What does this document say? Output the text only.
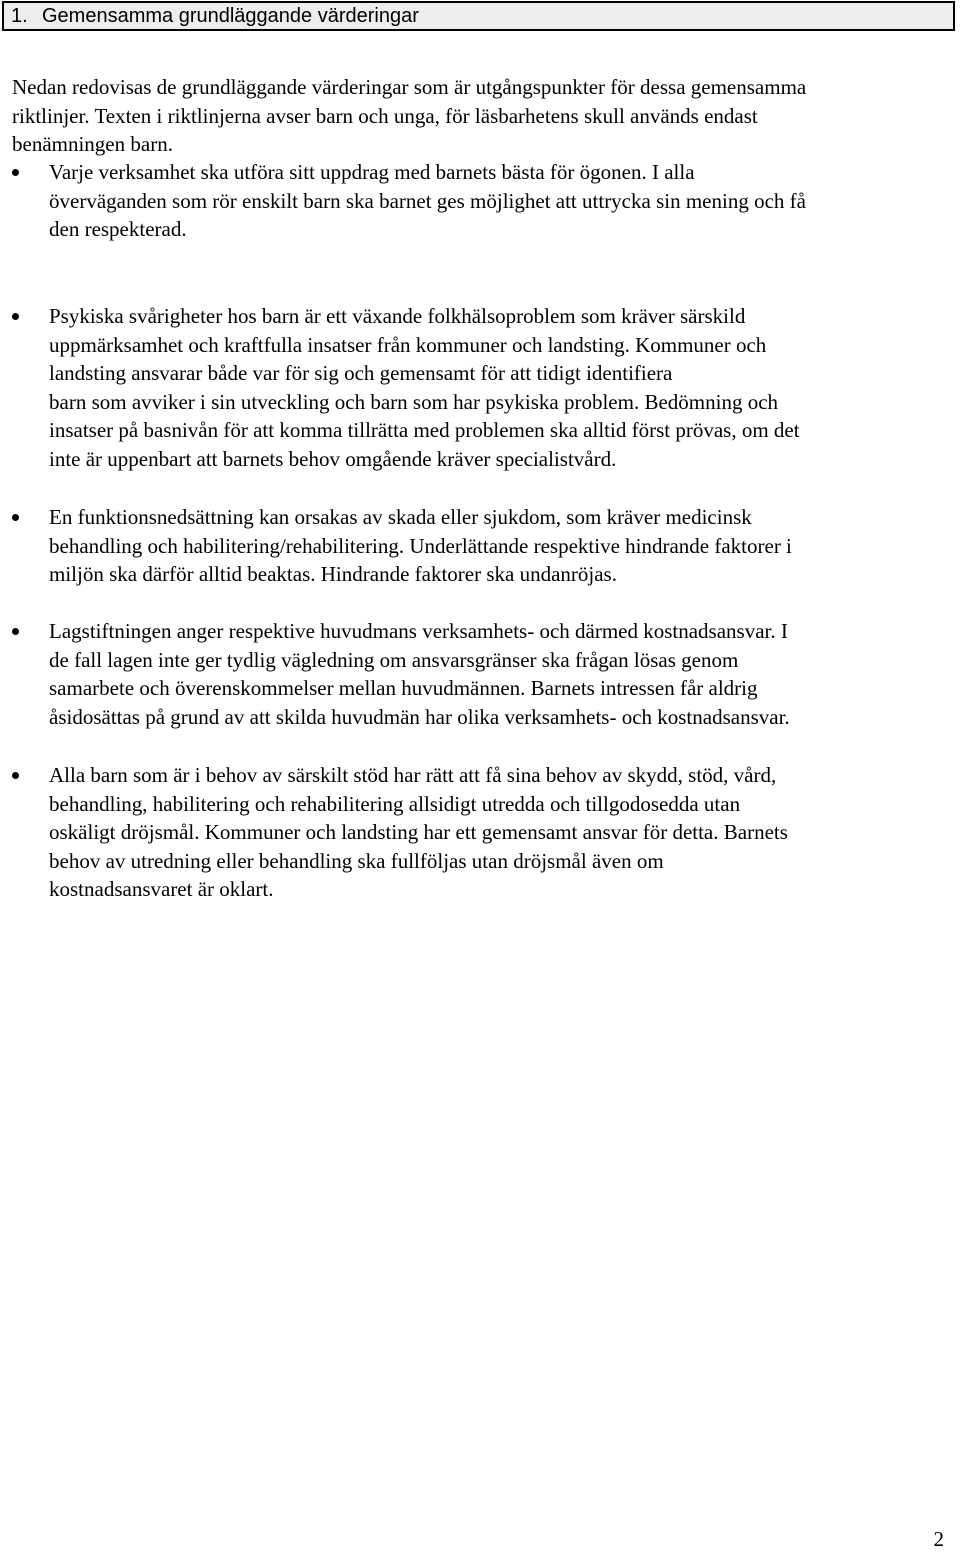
1. Gemensamma grundläggande värderingar

Nedan redovisas de grundläggande värderingar som är utgångspunkter för dessa gemensamma
riktlinjer. Texten i riktlinjerna avser barn och unga, för läsbarhetens skull används endast
benämningen barn.

Varje verksamhet ska utföra sitt uppdrag med barnets bästa för ögonen. I alla
överväganden som rör enskilt barn ska barnet ges möjlighet att uttrycka sin mening och få
den respekterad.

Psykiska svårigheter hos barn är ett växande folkhälsoproblem som kräver särskild
uppmärksamhet och kraftfulla insatser från kommuner och landsting. Kommuner och
landsting ansvarar både var för sig och gemensamt för att tidigt identifiera
barn som avviker i sin utveckling och barn som har psykiska problem. Bedömning och
insatser på basnivån för att komma tillrätta med problemen ska alltid först prövas, om det
inte är uppenbart att barnets behov omgående kräver specialistvård.

En funktionsnedsättning kan orsakas av skada eller sjukdom, som kräver medicinsk
behandling och habilitering/rehabilitering. Underlättande respektive hindrande faktorer i
miljön ska därför alltid beaktas. Hindrande faktorer ska undanröjas.

Lagstiftningen anger respektive huvudmans verksamhets- och därmed kostnadsansvar. I
de fall lagen inte ger tydlig vägledning om ansvarsgränser ska frågan lösas genom
samarbete och överenskommelser mellan huvudmännen. Barnets intressen får aldrig
åsidosättas på grund av att skilda huvudmän har olika verksamhets- och kostnadsansvar.

Alla barn som är i behov av särskilt stöd har rätt att få sina behov av skydd, stöd, vård,
behandling, habilitering och rehabilitering allsidigt utredda och tillgodosedda utan
oskäligt dröjsmål. Kommuner och landsting har ett gemensamt ansvar för detta. Barnets
behov av utredning eller behandling ska fullföljas utan dröjsmål även om
kostnadsansvaret är oklart.

2
